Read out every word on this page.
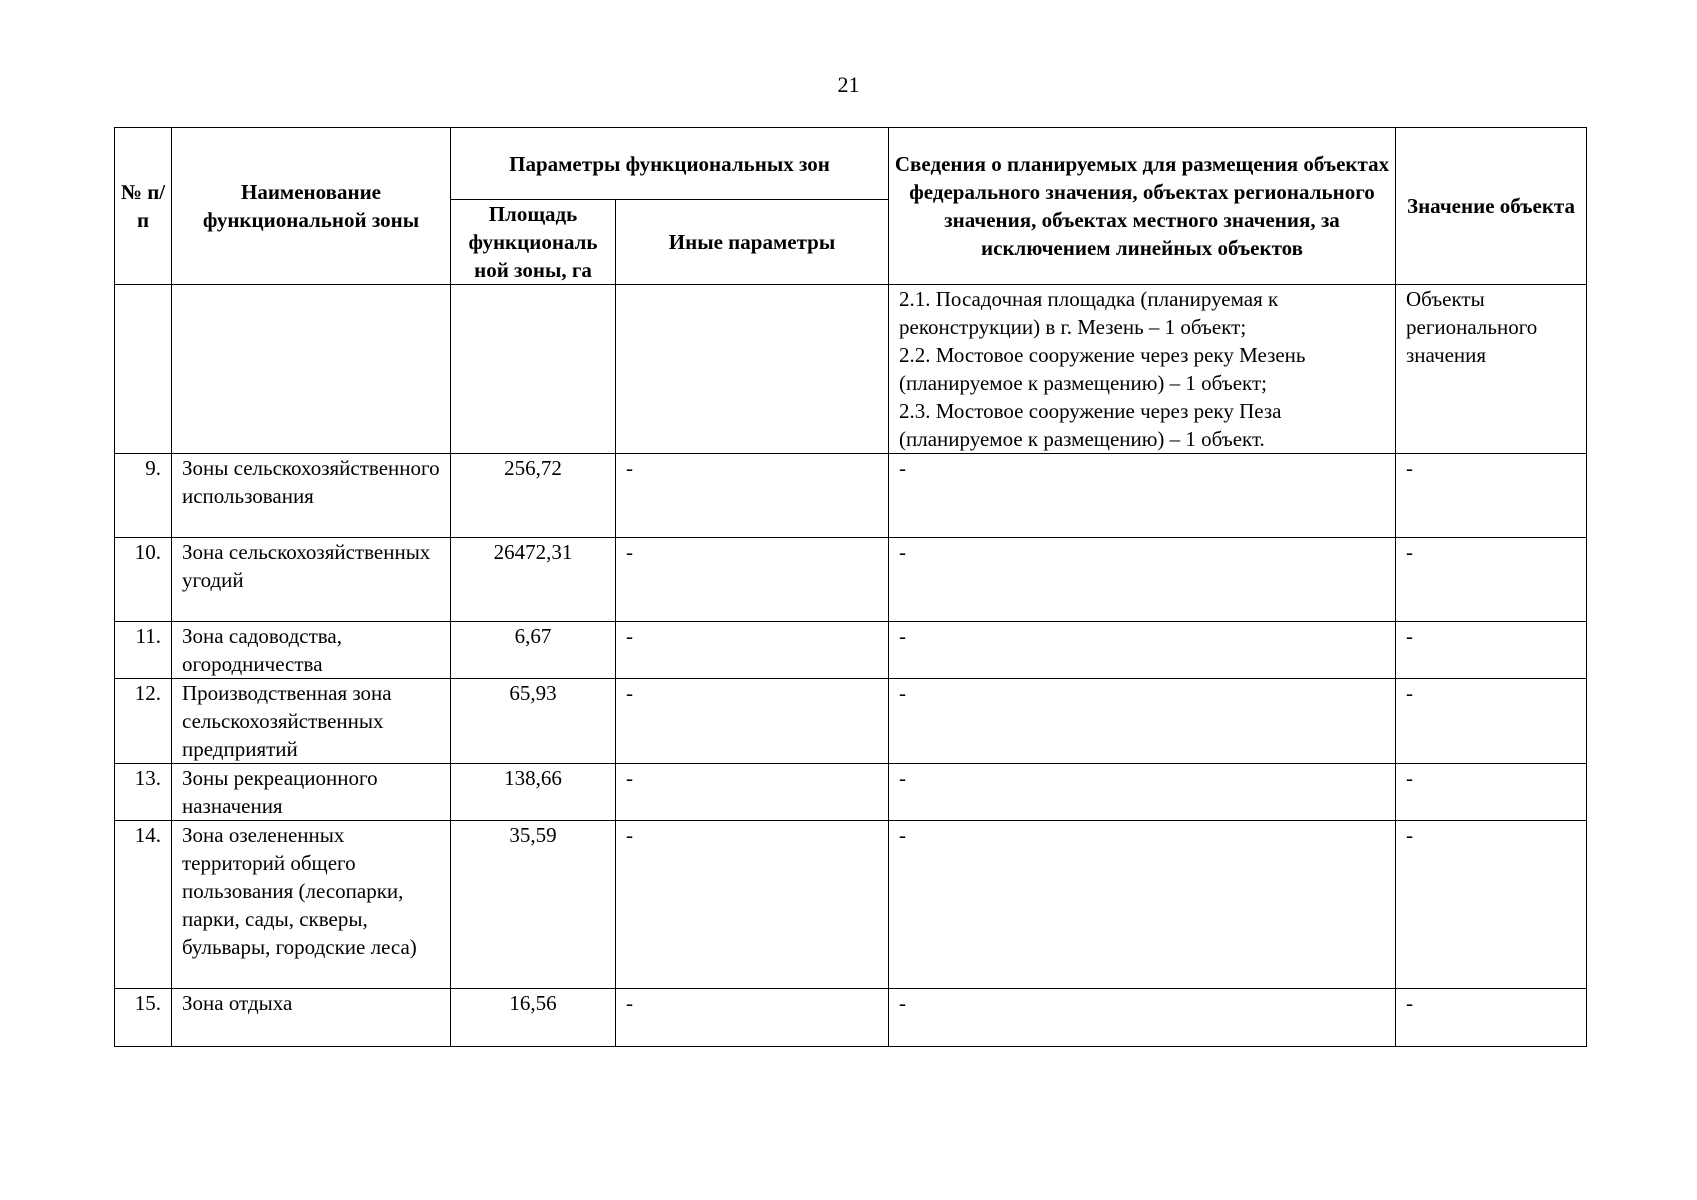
21
№ п/п	Наименование функциональной зоны	Параметры функциональных зон		Сведения о планируемых для размещения объектах федерального значения, объектах регионального значения, объектах местного значения, за исключением линейных объектов	Значение объекта
		Площадь функциональ ной зоны, га	Иные параметры		
				2.1. Посадочная площадка (планируемая к реконструкции) в г. Мезень – 1 объект;
2.2. Мостовое сооружение через реку Мезень (планируемое к размещению) – 1 объект;
2.3. Мостовое сооружение через реку Пеза (планируемое к размещению) – 1 объект.	Объекты регионального значения
9.	Зоны сельскохозяйственного использования	256,72	-	-	-
10.	Зона сельскохозяйственных угодий	26472,31	-	-	-
11.	Зона садоводства, огородничества	6,67	-	-	-
12.	Производственная зона сельскохозяйственных предприятий	65,93	-	-	-
13.	Зоны рекреационного назначения	138,66	-	-	-
14.	Зона озелененных территорий общего пользования (лесопарки, парки, сады, скверы, бульвары, городские леса)	35,59	-	-	-
15.	Зона отдыха	16,56	-	-	-
